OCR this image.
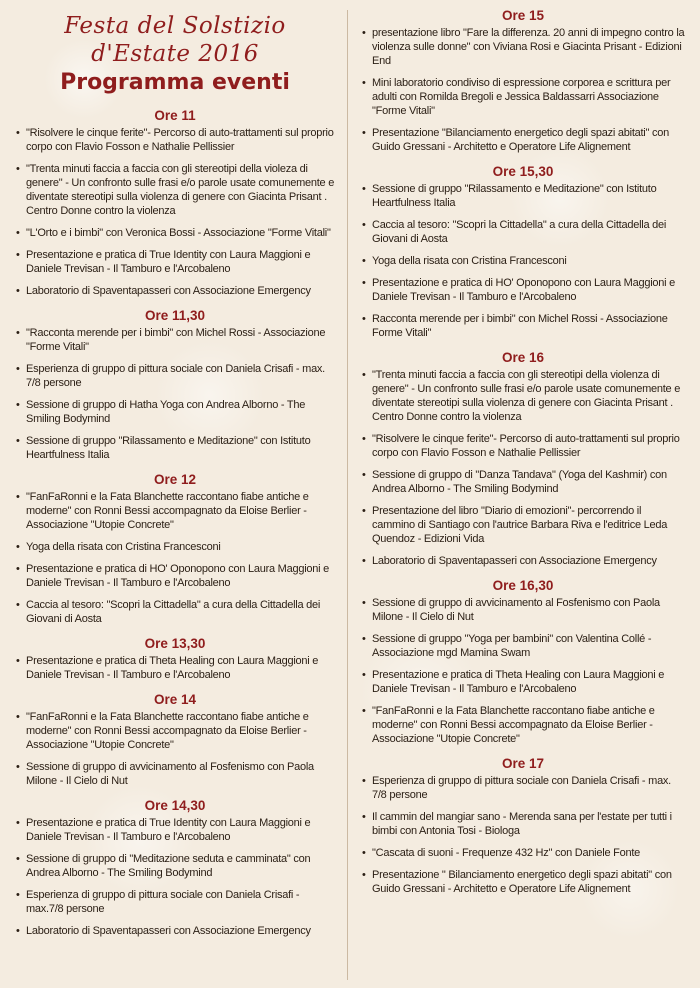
Festa del Solstizio d'Estate 2016
Programma eventi
Ore 11
• "Risolvere le cinque ferite"- Percorso di auto-trattamenti sul proprio corpo con Flavio Fosson e Nathalie Pellissier
• "Trenta minuti faccia a faccia con gli stereotipi della violeza di genere" - Un confronto sulle frasi e/o parole usate comunemente e diventate stereotipi sulla violenza di genere con Giacinta Prisant . Centro Donne contro la violenza
• "L'Orto e i bimbi" con Veronica Bossi - Associazione "Forme Vitali"
• Presentazione e pratica di True Identity con Laura Maggioni e Daniele Trevisan - Il Tamburo e l'Arcobaleno
• Laboratorio di Spaventapasseri con Associazione Emergency
Ore 11,30
• "Racconta merende per i bimbi" con Michel Rossi - Associazione "Forme Vitali"
• Esperienza di gruppo di pittura sociale con Daniela Crisafi - max. 7/8 persone
• Sessione di gruppo di Hatha Yoga con Andrea Alborno - The Smiling Bodymind
• Sessione di gruppo "Rilassamento e Meditazione" con Istituto Heartfulness Italia
Ore 12
• "FanFaRonni e la Fata Blanchette raccontano fiabe antiche e moderne" con Ronni Bessi accompagnato da Eloise Berlier - Associazione "Utopie Concrete"
• Yoga della risata con Cristina Francesconi
• Presentazione e pratica di HO' Oponopono con Laura Maggioni e Daniele Trevisan - Il Tamburo e l'Arcobaleno
• Caccia al tesoro: "Scopri la Cittadella" a cura della Cittadella dei Giovani di Aosta
Ore 13,30
• Presentazione e pratica di Theta Healing con Laura Maggioni e Daniele Trevisan - Il Tamburo e l'Arcobaleno
Ore 14
• "FanFaRonni e la Fata Blanchette raccontano fiabe antiche e moderne" con Ronni Bessi accompagnato da Eloise Berlier - Associazione "Utopie Concrete"
• Sessione di gruppo di avvicinamento al Fosfenismo con Paola Milone - Il Cielo di Nut
Ore 14,30
• Presentazione e pratica di True Identity con Laura Maggioni e Daniele Trevisan - Il Tamburo e l'Arcobaleno
• Sessione di gruppo di "Meditazione seduta e camminata" con Andrea Alborno - The Smiling Bodymind
• Esperienza di gruppo di pittura sociale con Daniela Crisafi - max.7/8 persone
• Laboratorio di Spaventapasseri con Associazione Emergency
Ore 15
• presentazione libro "Fare la differenza. 20 anni di impegno contro la violenza sulle donne" con Viviana Rosi e Giacinta Prisant - Edizioni End
• Mini laboratorio condiviso di espressione corporea e scrittura per adulti con Romilda Bregoli e Jessica Baldassarri Associazione "Forme Vitali"
• Presentazione "Bilanciamento energetico degli spazi abitati" con Guido Gressani - Architetto e Operatore Life Alignement
Ore 15,30
• Sessione di gruppo "Rilassamento e Meditazione" con Istituto Heartfulness Italia
• Caccia al tesoro: "Scopri la Cittadella" a cura della Cittadella dei Giovani di Aosta
• Yoga della risata con Cristina Francesconi
• Presentazione e pratica di HO' Oponopono con Laura Maggioni e Daniele Trevisan - Il Tamburo e l'Arcobaleno
• Racconta merende per i bimbi" con Michel Rossi - Associazione Forme Vitali"
Ore 16
• "Trenta minuti faccia a faccia con gli stereotipi della violenza di genere" - Un confronto sulle frasi e/o parole usate comunemente e diventate stereotipi sulla violenza di genere con Giacinta Prisant . Centro Donne contro la violenza
• "Risolvere le cinque ferite"- Percorso di auto-trattamenti sul proprio corpo con Flavio Fosson e Nathalie Pellissier
• Sessione di gruppo di "Danza Tandava" (Yoga del Kashmir) con Andrea Alborno - The Smiling Bodymind
• Presentazione del libro "Diario di emozioni"- percorrendo il cammino di Santiago con l'autrice Barbara Riva e l'editrice Leda Quendoz - Edizioni Vida
• Laboratorio di Spaventapasseri con Associazione Emergency
Ore 16,30
• Sessione di gruppo di avvicinamento al Fosfenismo con Paola Milone - Il Cielo di Nut
• Sessione di gruppo "Yoga per bambini" con Valentina Collé - Associazione mgd Mamina Swam
• Presentazione e pratica di Theta Healing con Laura Maggioni e Daniele Trevisan - Il Tamburo e l'Arcobaleno
• "FanFaRonni e la Fata Blanchette raccontano fiabe antiche e moderne" con Ronni Bessi accompagnato da Eloise Berlier - Associazione "Utopie Concrete"
Ore 17
• Esperienza di gruppo di pittura sociale con Daniela Crisafi - max. 7/8 persone
• Il cammin del mangiar sano - Merenda sana per l'estate per tutti i bimbi con Antonia Tosi - Biologa
• "Cascata di suoni - Frequenze 432 Hz" con Daniele Fonte
• Presentazione " Bilanciamento energetico degli spazi abitati" con Guido Gressani - Architetto e Operatore Life Alignement
